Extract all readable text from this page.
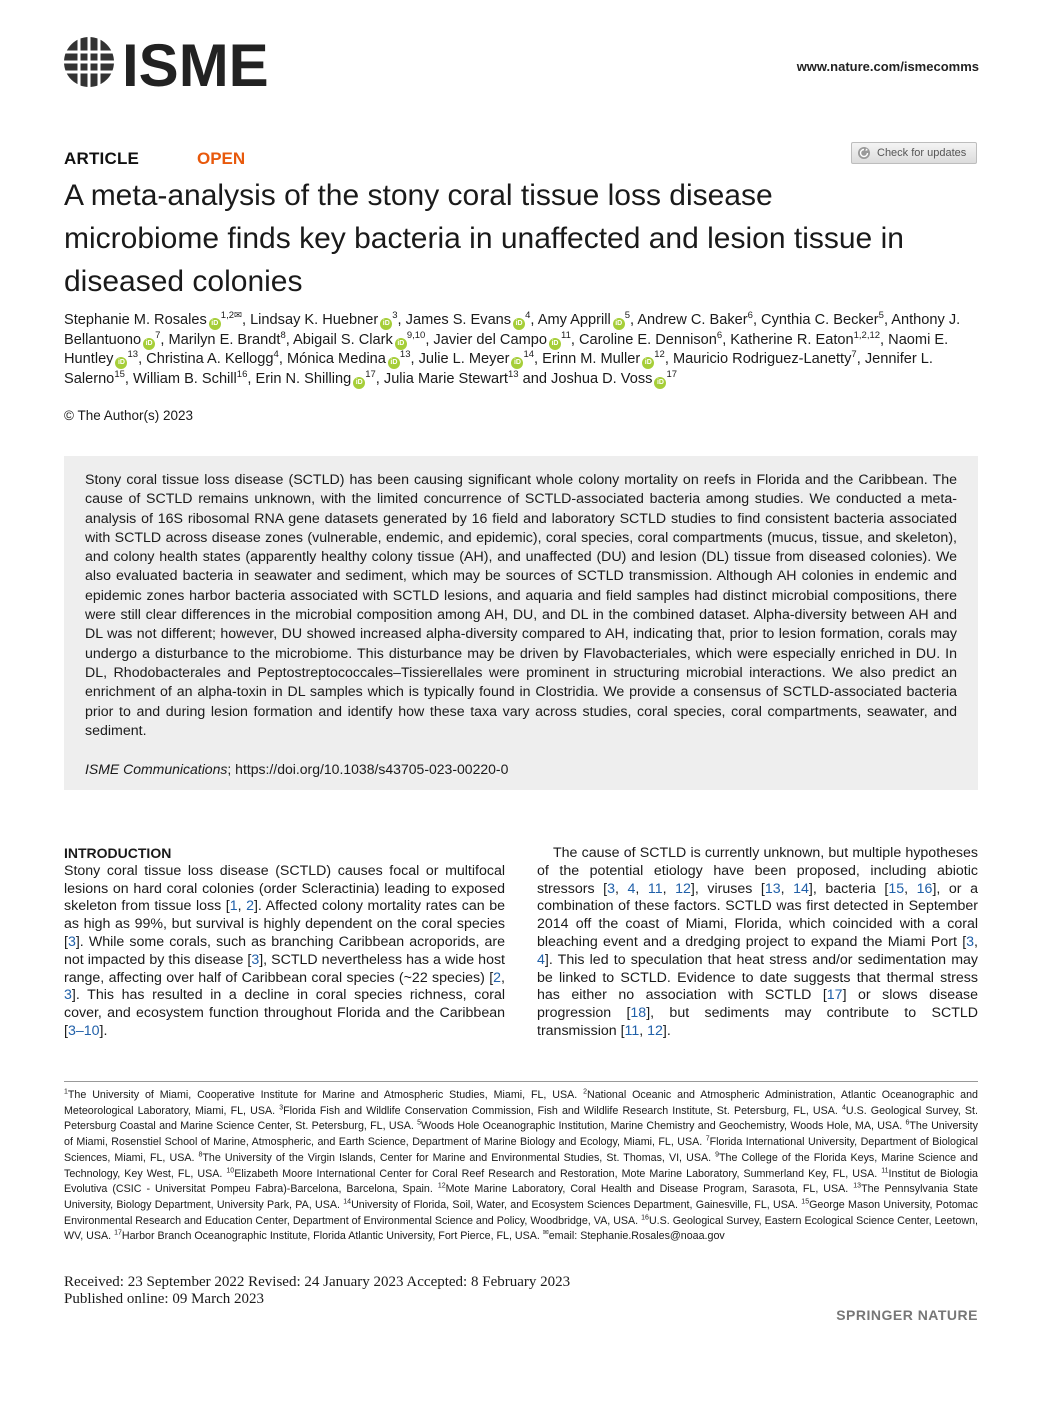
ISME	www.nature.com/ismecomms
ARTICLE	OPEN	Check for updates
A meta-analysis of the stony coral tissue loss disease microbiome finds key bacteria in unaffected and lesion tissue in diseased colonies
Stephanie M. Rosales $iD^{1,2✉}$, Lindsay K. Huebner $iD^3$, James S. Evans $iD^4$, Amy Apprill $iD^5$, Andrew C. Baker$^6$, Cynthia C. Becker$^5$, Anthony J. Bellantuono $iD^7$, Marilyn E. Brandt$^8$, Abigail S. Clark iD$^{9,10}$, Javier del Campo $iD^{11}$, Caroline E. Dennison$^6$, Katherine R. Eaton$^{1,2,12}$, Naomi E. Huntley $iD^{13}$, Christina A. Kellogg$^4$, Mónica Medina $iD^{13}$, Julie L. Meyer $iD^{14}$, Erinn M. Muller $iD^{12}$, Mauricio Rodriguez-Lanetty$^7$, Jennifer L. Salerno$^{15}$, William B. Schill$^{16}$, Erin N. Shilling $iD^{17}$, Julia Marie Stewart$^{13}$ and Joshua D. Voss $iD^{17}$
© The Author(s) 2023

Stony coral tissue loss disease (SCTLD) has been causing significant whole colony mortality on reefs in Florida and the Caribbean. The cause of SCTLD remains unknown, with the limited concurrence of SCTLD-associated bacteria among studies. We conducted a meta-analysis of 16S ribosomal RNA gene datasets generated by 16 field and laboratory SCTLD studies to find consistent bacteria associated with SCTLD across disease zones (vulnerable, endemic, and epidemic), coral species, coral compartments (mucus, tissue, and skeleton), and colony health states (apparently healthy colony tissue (AH), and unaffected (DU) and lesion (DL) tissue from diseased colonies). We also evaluated bacteria in seawater and sediment, which may be sources of SCTLD transmission. Although AH colonies in endemic and epidemic zones harbor bacteria associated with SCTLD lesions, and aquaria and field samples had distinct microbial compositions, there were still clear differences in the microbial composition among AH, DU, and DL in the combined dataset. Alpha-diversity between AH and DL was not different; however, DU showed increased alpha-diversity compared to AH, indicating that, prior to lesion formation, corals may undergo a disturbance to the microbiome. This disturbance may be driven by Flavobacteriales, which were especially enriched in DU. In DL, Rhodobacterales and Peptostreptococcales–Tissierellales were prominent in structuring microbial interactions. We also predict an enrichment of an alpha-toxin in DL samples which is typically found in Clostridia. We provide a consensus of SCTLD-associated bacteria prior to and during lesion formation and identify how these taxa vary across studies, coral species, coral compartments, seawater, and sediment.

ISME Communications; https://doi.org/10.1038/s43705-023-00220-0
INTRODUCTION
Stony coral tissue loss disease (SCTLD) causes focal or multifocal lesions on hard coral colonies (order Scleractinia) leading to exposed skeleton from tissue loss [1, 2]. Affected colony mortality rates can be as high as 99%, but survival is highly dependent on the coral species [3]. While some corals, such as branching Caribbean acroporids, are not impacted by this disease [3], SCTLD nevertheless has a wide host range, affecting over half of Caribbean coral species (~22 species) [2, 3]. This has resulted in a decline in coral species richness, coral cover, and ecosystem function throughout Florida and the Caribbean [3–10].
The cause of SCTLD is currently unknown, but multiple hypotheses of the potential etiology have been proposed, including abiotic stressors [3, 4, 11, 12], viruses [13, 14], bacteria [15, 16], or a combination of these factors. SCTLD was first detected in September 2014 off the coast of Miami, Florida, which coincided with a coral bleaching event and a dredging project to expand the Miami Port [3, 4]. This led to speculation that heat stress and/or sedimentation may be linked to SCTLD. Evidence to date suggests that thermal stress has either no association with SCTLD [17] or slows disease progression [18], but sediments may contribute to SCTLD transmission [11, 12].
$^1$The University of Miami, Cooperative Institute for Marine and Atmospheric Studies, Miami, FL, USA. $^2$National Oceanic and Atmospheric Administration, Atlantic Oceanographic and Meteorological Laboratory, Miami, FL, USA. $^3$Florida Fish and Wildlife Conservation Commission, Fish and Wildlife Research Institute, St. Petersburg, FL, USA. $^4$U.S. Geological Survey, St. Petersburg Coastal and Marine Science Center, St. Petersburg, FL, USA. $^5$Woods Hole Oceanographic Institution, Marine Chemistry and Geochemistry, Woods Hole, MA, USA. $^6$The University of Miami, Rosenstiel School of Marine, Atmospheric, and Earth Science, Department of Marine Biology and Ecology, Miami, FL, USA. $^7$Florida International University, Department of Biological Sciences, Miami, FL, USA. $^8$The University of the Virgin Islands, Center for Marine and Environmental Studies, St. Thomas, VI, USA. $^9$The College of the Florida Keys, Marine Science and Technology, Key West, FL, USA. $^{10}$Elizabeth Moore International Center for Coral Reef Research and Restoration, Mote Marine Laboratory, Summerland Key, FL, USA. $^{11}$Institut de Biologia Evolutiva (CSIC - Universitat Pompeu Fabra)-Barcelona, Barcelona, Spain. $^{12}$Mote Marine Laboratory, Coral Health and Disease Program, Sarasota, FL, USA. $^{13}$The Pennsylvania State University, Biology Department, University Park, PA, USA. $^{14}$University of Florida, Soil, Water, and Ecosystem Sciences Department, Gainesville, FL, USA. $^{15}$George Mason University, Potomac Environmental Research and Education Center, Department of Environmental Science and Policy, Woodbridge, VA, USA. $^{16}$U.S. Geological Survey, Eastern Ecological Science Center, Leetown, WV, USA. $^{17}$Harbor Branch Oceanographic Institute, Florida Atlantic University, Fort Pierce, FL, USA. ✉email: Stephanie.Rosales@noaa.gov
Received: 23 September 2022 Revised: 24 January 2023 Accepted: 8 February 2023
Published online: 09 March 2023
SPRINGER NATURE
